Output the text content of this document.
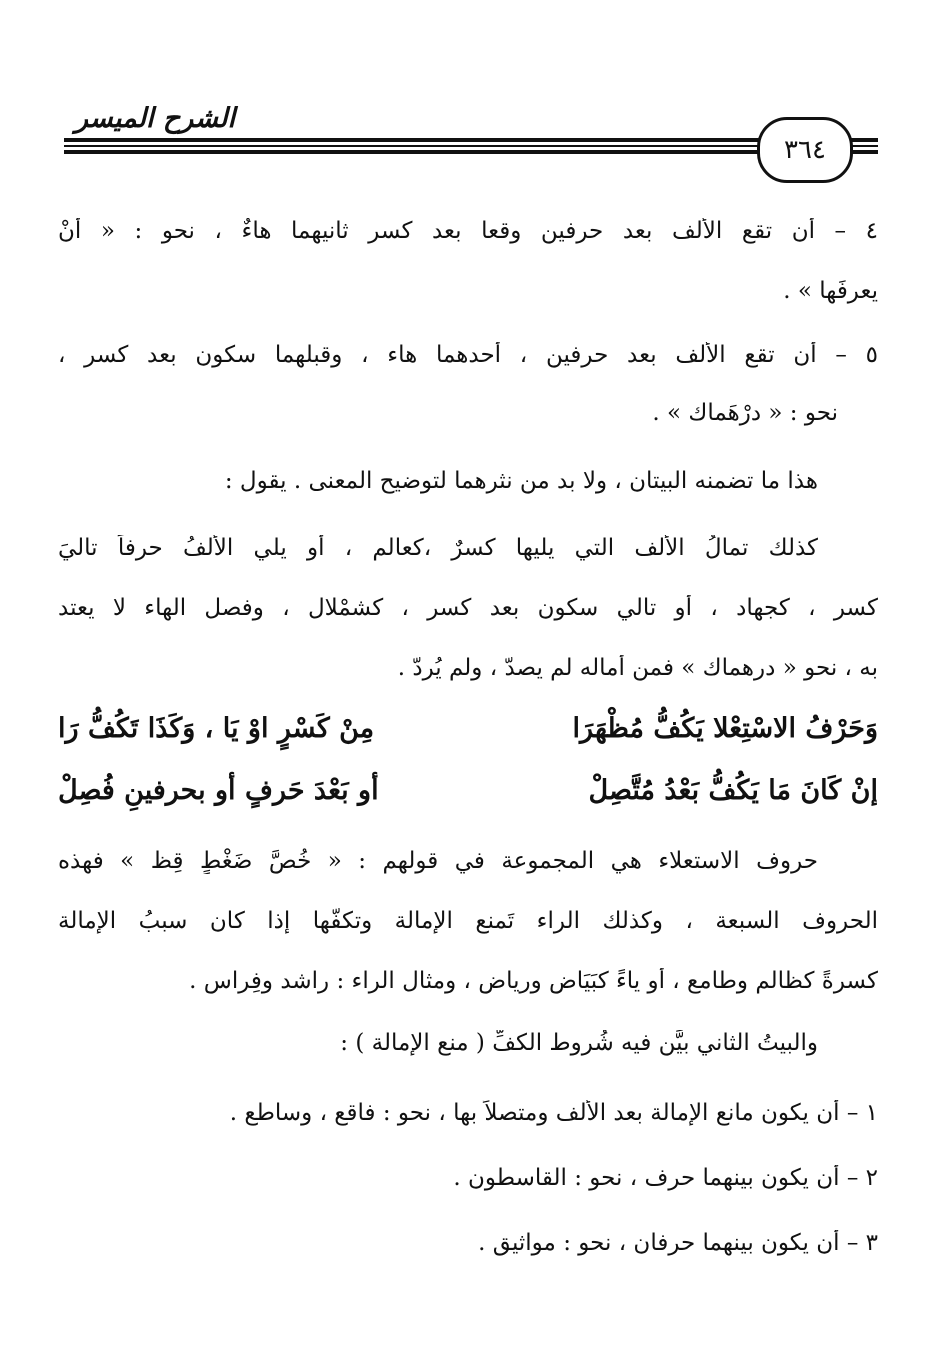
الشرح الميسر
٣٦٤
٤ – أن تقع الألف بعد حرفين وقعا بعد كسر ثانيهما هاءٌ ، نحو : « أنْ
يعرفَها » .
٥ – أن تقع الألف بعد حرفين ، أحدهما هاء ، وقبلهما سكون بعد كسر ،
نحو : « درْهَماك » .
هذا ما تضمنه البيتان ، ولا بد من نثرهما لتوضيح المعنى . يقول :
كذلك تمالُ الألف التي يليها كسرٌ ،كعالم ، أو يلي الألفُ حرفاً تاليَ
كسر ، كجهاد ، أو تالي سكون بعد كسر ، كشمْلال ، وفصل الهاء لا يعتد
به ، نحو « درهماك » فمن أماله لم يصدّ ، ولم يُردّ .
وَحَرْفُ الاسْتِعْلا يَكُفُّ مُظْهَرَا
مِنْ كَسْرٍ اوْ يَا ، وَكَذَا تَكُفُّ رَا
إنْ كَانَ مَا يَكُفُّ بَعْدُ مُتَّصِلْ
أو بَعْدَ حَرفٍ أو بحرفينِ فُصِلْ
حروف الاستعلاء هي المجموعة في قولهم : « خُصَّ ضَغْطٍ قِظ » فهذه
الحروف السبعة ، وكذلك الراء تَمنع الإمالة وتكفُّها إذا كان سببُ الإمالة
كسرةً كظالمٍ وطامع ، أو ياءً كبَيَاضٍ ورياضٍ ، ومثال الراء : راشد وفِراس .
والبيتُ الثاني بيَّن فيه شُروط الكفِّ ( منع الإمالة ) :
١ – أن يكون مانع الإمالة بعد الألف ومتصلاً بها ، نحو : فاقع ، وساطع .
٢ – أن يكون بينهما حرف ، نحو : القاسطون .
٣ – أن يكون بينهما حرفان ، نحو : مواثيق .
